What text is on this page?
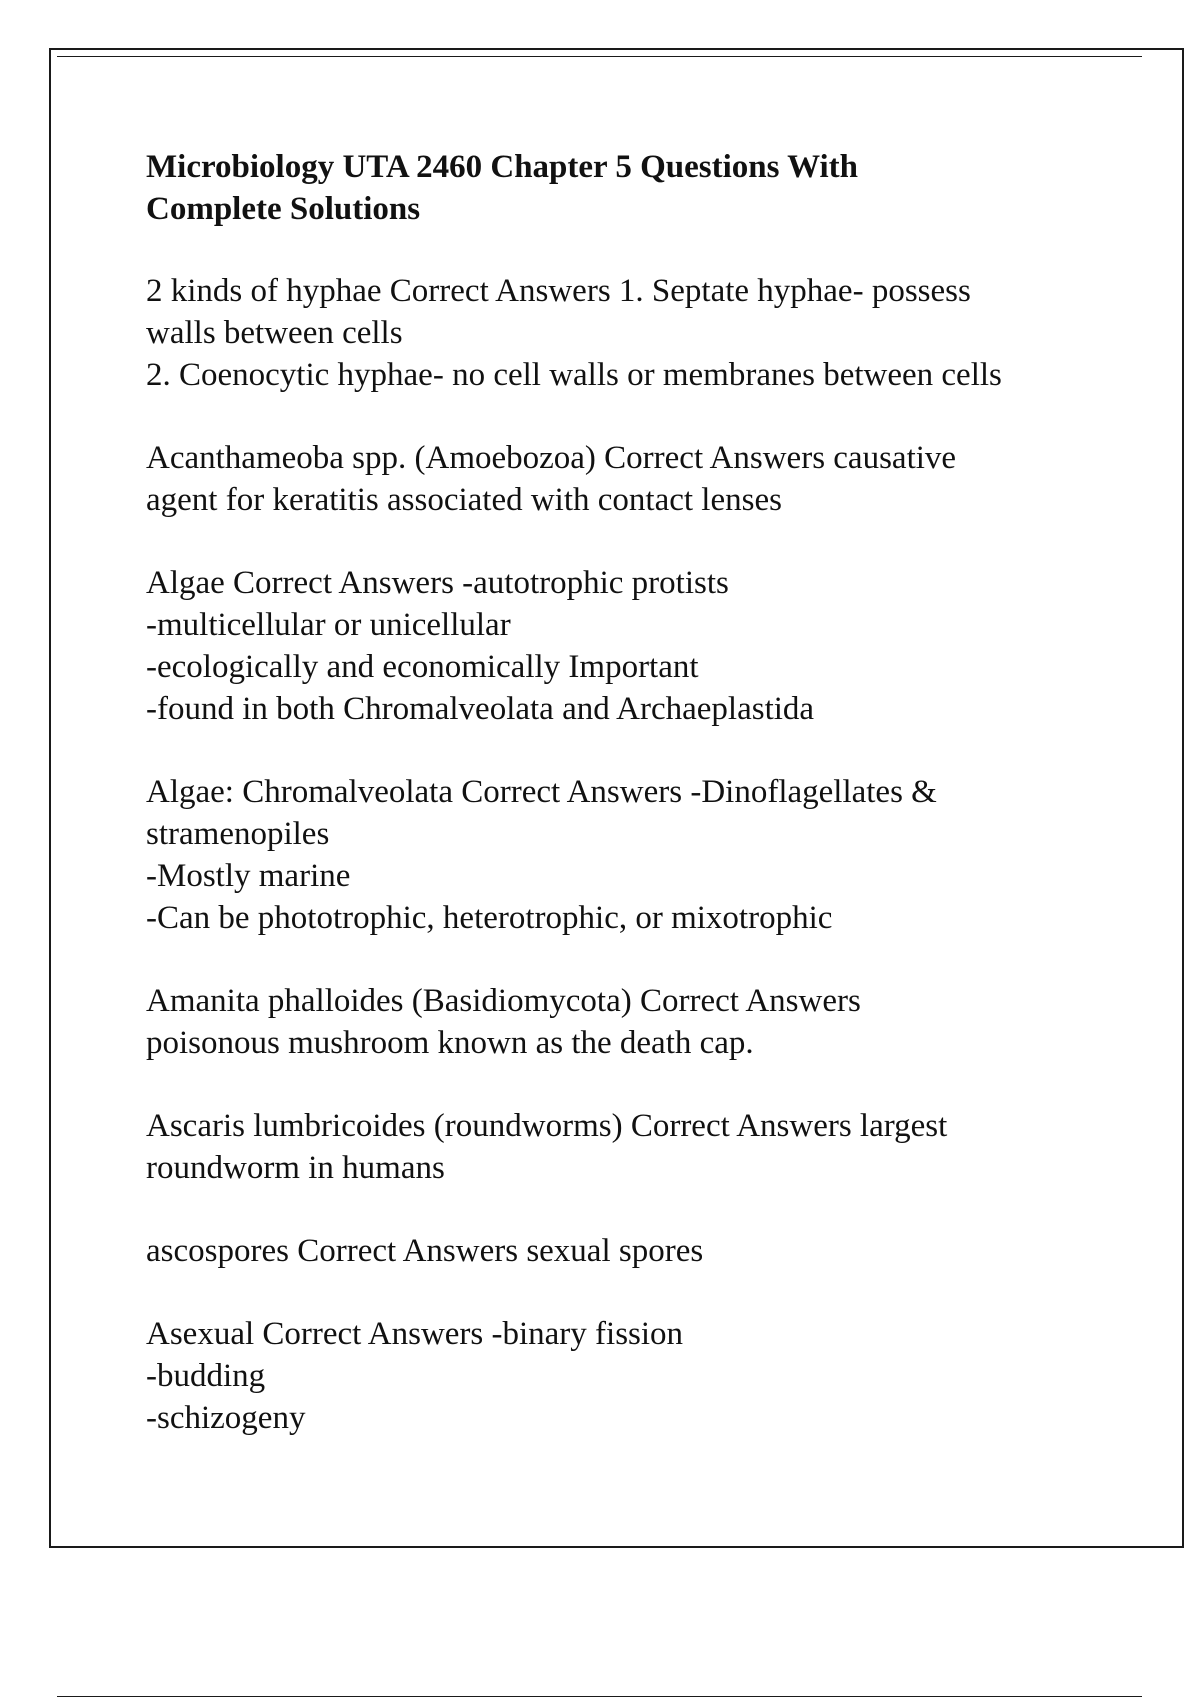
Microbiology UTA 2460 Chapter 5 Questions With
Complete Solutions

2 kinds of hyphae Correct Answers 1. Septate hyphae- possess
walls between cells
2. Coenocytic hyphae- no cell walls or membranes between cells

Acanthameoba spp. (Amoebozoa) Correct Answers causative
agent for keratitis associated with contact lenses

Algae Correct Answers -autotrophic protists
-multicellular or unicellular
-ecologically and economically Important
-found in both Chromalveolata and Archaeplastida

Algae: Chromalveolata Correct Answers -Dinoflagellates &
stramenopiles
-Mostly marine
-Can be phototrophic, heterotrophic, or mixotrophic

Amanita phalloides (Basidiomycota) Correct Answers
poisonous mushroom known as the death cap.

Ascaris lumbricoides (roundworms) Correct Answers largest
roundworm in humans

ascospores Correct Answers sexual spores

Asexual Correct Answers -binary fission
-budding
-schizogeny
